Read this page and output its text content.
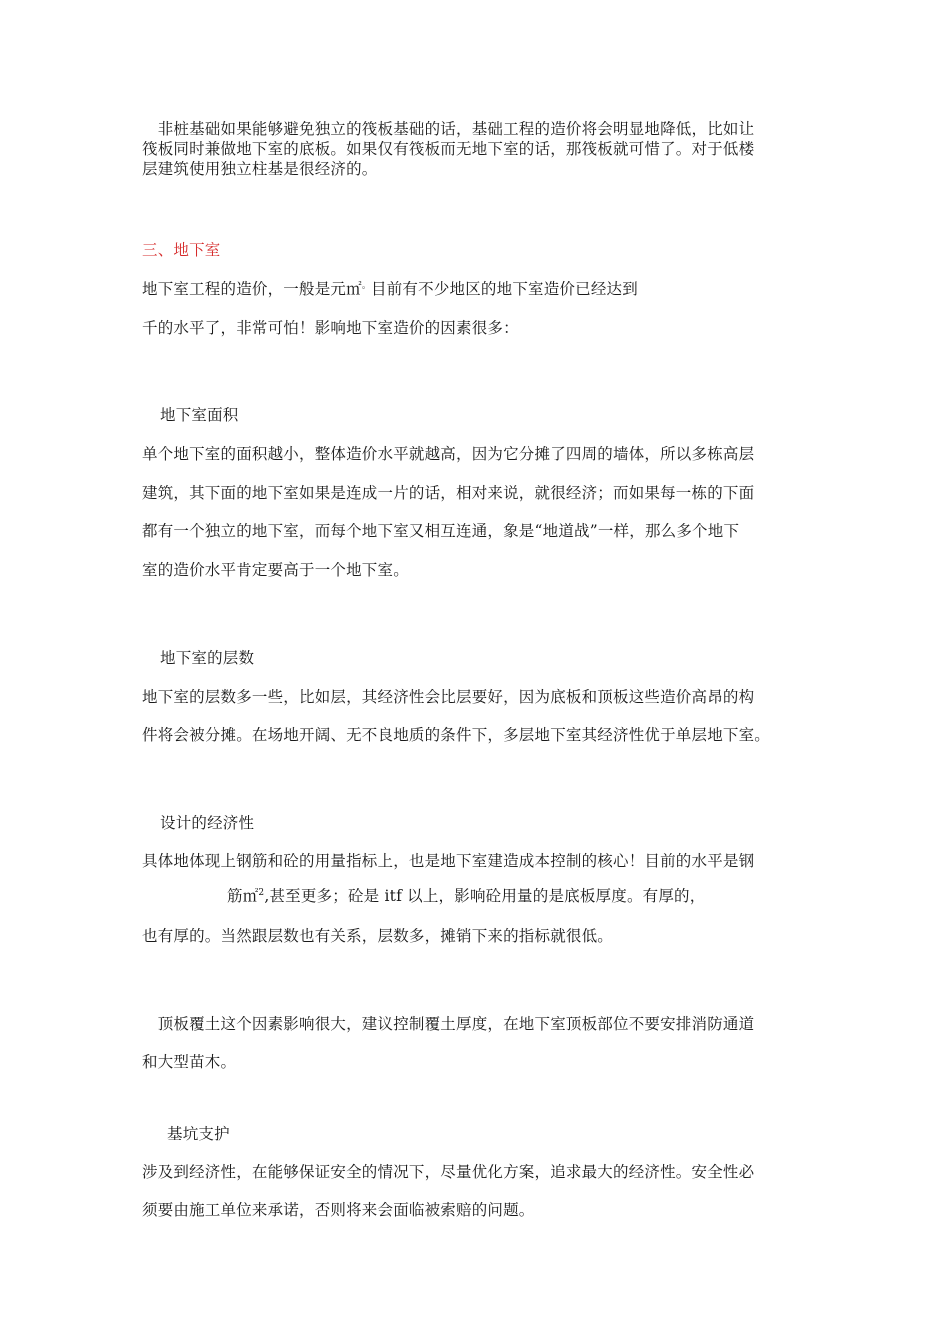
　非桩基础如果能够避免独立的筏板基础的话，基础工程的造价将会明显地降低，比如让
筏板同时兼做地下室的底板。如果仅有筏板而无地下室的话，那筏板就可惜了。对于低楼
层建筑使用独立柱基是很经济的。
三、地下室
地下室工程的造价，一般是元㎡。目前有不少地区的地下室造价已经达到
千的水平了，非常可怕！影响地下室造价的因素很多：
地下室面积
单个地下室的面积越小，整体造价水平就越高，因为它分摊了四周的墙体，所以多栋高层
建筑，其下面的地下室如果是连成一片的话，相对来说，就很经济；而如果每一栋的下面
都有一个独立的地下室，而每个地下室又相互连通，象是“地道战”一样，那么多个地下
室的造价水平肯定要高于一个地下室。
地下室的层数
地下室的层数多一些，比如层，其经济性会比层要好，因为底板和顶板这些造价高昂的构
件将会被分摊。在场地开阔、无不良地质的条件下，多层地下室其经济性优于单层地下室。
设计的经济性
具体地体现上钢筋和砼的用量指标上，也是地下室建造成本控制的核心！目前的水平是钢
筋㎡$^2$,甚至更多；砼是 itf 以上，影响砼用量的是底板厚度。有厚的，
也有厚的。当然跟层数也有关系，层数多，摊销下来的指标就很低。
　顶板覆土这个因素影响很大，建议控制覆土厚度，在地下室顶板部位不要安排消防通道
和大型苗木。
基坑支护
涉及到经济性，在能够保证安全的情况下，尽量优化方案，追求最大的经济性。安全性必
须要由施工单位来承诺，否则将来会面临被索赔的问题。
